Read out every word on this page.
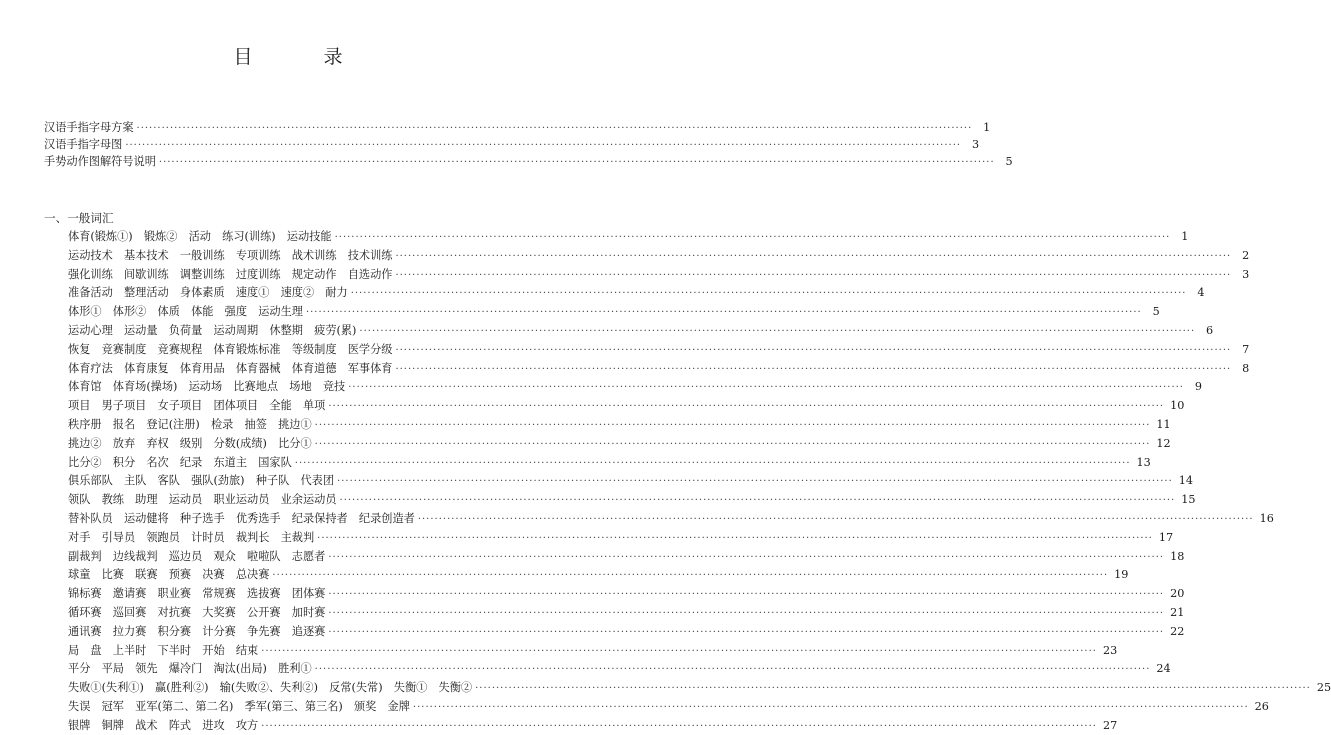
目　录
汉语手指字母方案 ········································································································································································································ 1
汉语手指字母图 ········································································································································································································ 3
手势动作图解符号说明 ········································································································································································································ 5
一、一般词汇
体育(锻炼①)　锻炼②　活动　练习(训练)　运动技能 ········································································································································································································ 1
运动技术　基本技术　一般训练　专项训练　战术训练　技术训练 ········································································································································································································ 2
强化训练　间歇训练　调整训练　过度训练　规定动作　自选动作 ········································································································································································································ 3
准备活动　整理活动　身体素质　速度①　速度②　耐力 ········································································································································································································ 4
体形①　体形②　体质　体能　强度　运动生理 ········································································································································································································ 5
运动心理　运动量　负荷量　运动周期　休整期　疲劳(累) ········································································································································································································ 6
恢复　竞赛制度　竞赛规程　体育锻炼标准　等级制度　医学分级 ········································································································································································································ 7
体育疗法　体育康复　体育用品　体育器械　体育道德　军事体育 ········································································································································································································ 8
体育馆　体育场(操场)　运动场　比赛地点　场地　竞技 ········································································································································································································ 9
项目　男子项目　女子项目　团体项目　全能　单项 ········································································································································································································ 10
秩序册　报名　登记(注册)　检录　抽签　挑边① ········································································································································································································ 11
挑边②　放弃　弃权　级别　分数(成绩)　比分① ········································································································································································································ 12
比分②　积分　名次　纪录　东道主　国家队 ········································································································································································································ 13
俱乐部队　主队　客队　强队(劲旅)　种子队　代表团 ········································································································································································································ 14
领队　教练　助理　运动员　职业运动员　业余运动员 ········································································································································································································ 15
替补队员　运动健将　种子选手　优秀选手　纪录保持者　纪录创造者 ········································································································································································································ 16
对手　引导员　领跑员　计时员　裁判长　主裁判 ········································································································································································································ 17
副裁判　边线裁判　巡边员　观众　啦啦队　志愿者 ········································································································································································································ 18
球童　比赛　联赛　预赛　决赛　总决赛 ········································································································································································································ 19
锦标赛　邀请赛　职业赛　常规赛　选拔赛　团体赛 ········································································································································································································ 20
循环赛　巡回赛　对抗赛　大奖赛　公开赛　加时赛 ········································································································································································································ 21
通讯赛　拉力赛　积分赛　计分赛　争先赛　追逐赛 ········································································································································································································ 22
局　盘　上半时　下半时　开始　结束 ········································································································································································································ 23
平分　平局　领先　爆冷门　淘汰(出局)　胜利① ········································································································································································································ 24
失败①(失利①)　赢(胜利②)　输(失败②、失利②)　反常(失常)　失衡①　失衡② ········································································································································································································ 25
失误　冠军　亚军(第二、第二名)　季军(第三、第三名)　颁奖　金牌 ········································································································································································································ 26
银牌　铜牌　战术　阵式　进攻　攻方 ········································································································································································································ 27
